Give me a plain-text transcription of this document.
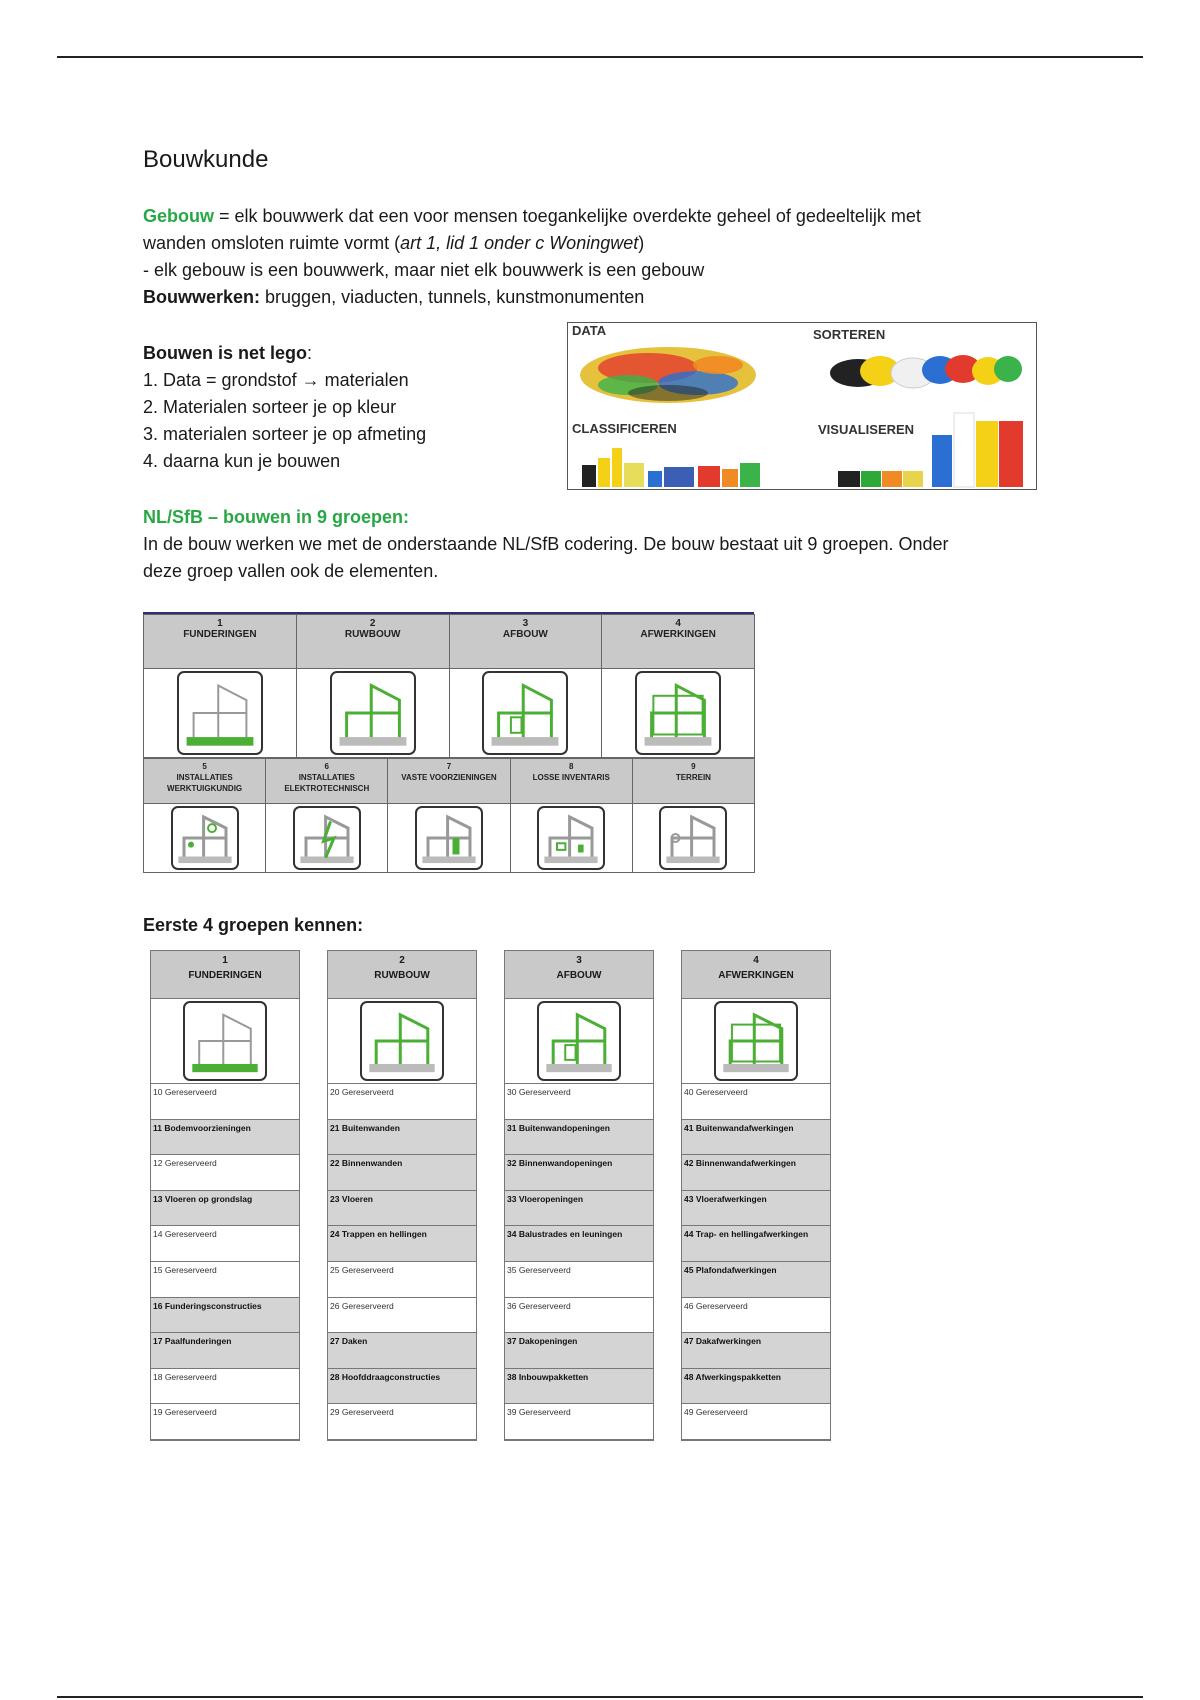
Bouwkunde
Gebouw = elk bouwwerk dat een voor mensen toegankelijke overdekte geheel of gedeeltelijk met
wanden omsloten ruimte vormt (art 1, lid 1 onder c Woningwet)
- elk gebouw is een bouwwerk, maar niet elk bouwwerk is een gebouw
Bouwwerken: bruggen, viaducten, tunnels, kunstmonumenten
Bouwen is net lego:
1. Data = grondstof → materialen
2. Materialen sorteer je op kleur
3. materialen sorteer je op afmeting
4. daarna kun je bouwen
DATA	SORTEREN
CLASSIFICEREN	VISUALISEREN
NL/SfB – bouwen in 9 groepen:
In de bouw werken we met de onderstaande NL/SfB codering. De bouw bestaat uit 9 groepen. Onder
deze groep vallen ook de elementen.
1
FUNDERINGEN
2
RUWBOUW
3
AFBOUW
4
AFWERKINGEN
5
INSTALLATIES
WERKTUIGKUNDIG
6
INSTALLATIES
ELEKTROTECHNISCH
7
VASTE VOORZIENINGEN
8
LOSSE INVENTARIS
9
TERREIN
Eerste 4 groepen kennen:
1
FUNDERINGEN
10 Gereserveerd
11 Bodemvoorzieningen
12 Gereserveerd
13 Vloeren op grondslag
14 Gereserveerd
15 Gereserveerd
16 Funderingsconstructies
17 Paalfunderingen
18 Gereserveerd
19 Gereserveerd
2
RUWBOUW
20 Gereserveerd
21 Buitenwanden
22 Binnenwanden
23 Vloeren
24 Trappen en hellingen
25 Gereserveerd
26 Gereserveerd
27 Daken
28 Hoofddraagconstructies
29 Gereserveerd
3
AFBOUW
30 Gereserveerd
31 Buitenwandopeningen
32 Binnenwandopeningen
33 Vloeropeningen
34 Balustrades en leuningen
35 Gereserveerd
36 Gereserveerd
37 Dakopeningen
38 Inbouwpakketten
39 Gereserveerd
4
AFWERKINGEN
40 Gereserveerd
41 Buitenwandafwerkingen
42 Binnenwandafwerkingen
43 Vloerafwerkingen
44 Trap- en hellingafwerkingen
45 Plafondafwerkingen
46 Gereserveerd
47 Dakafwerkingen
48 Afwerkingspakketten
49 Gereserveerd
